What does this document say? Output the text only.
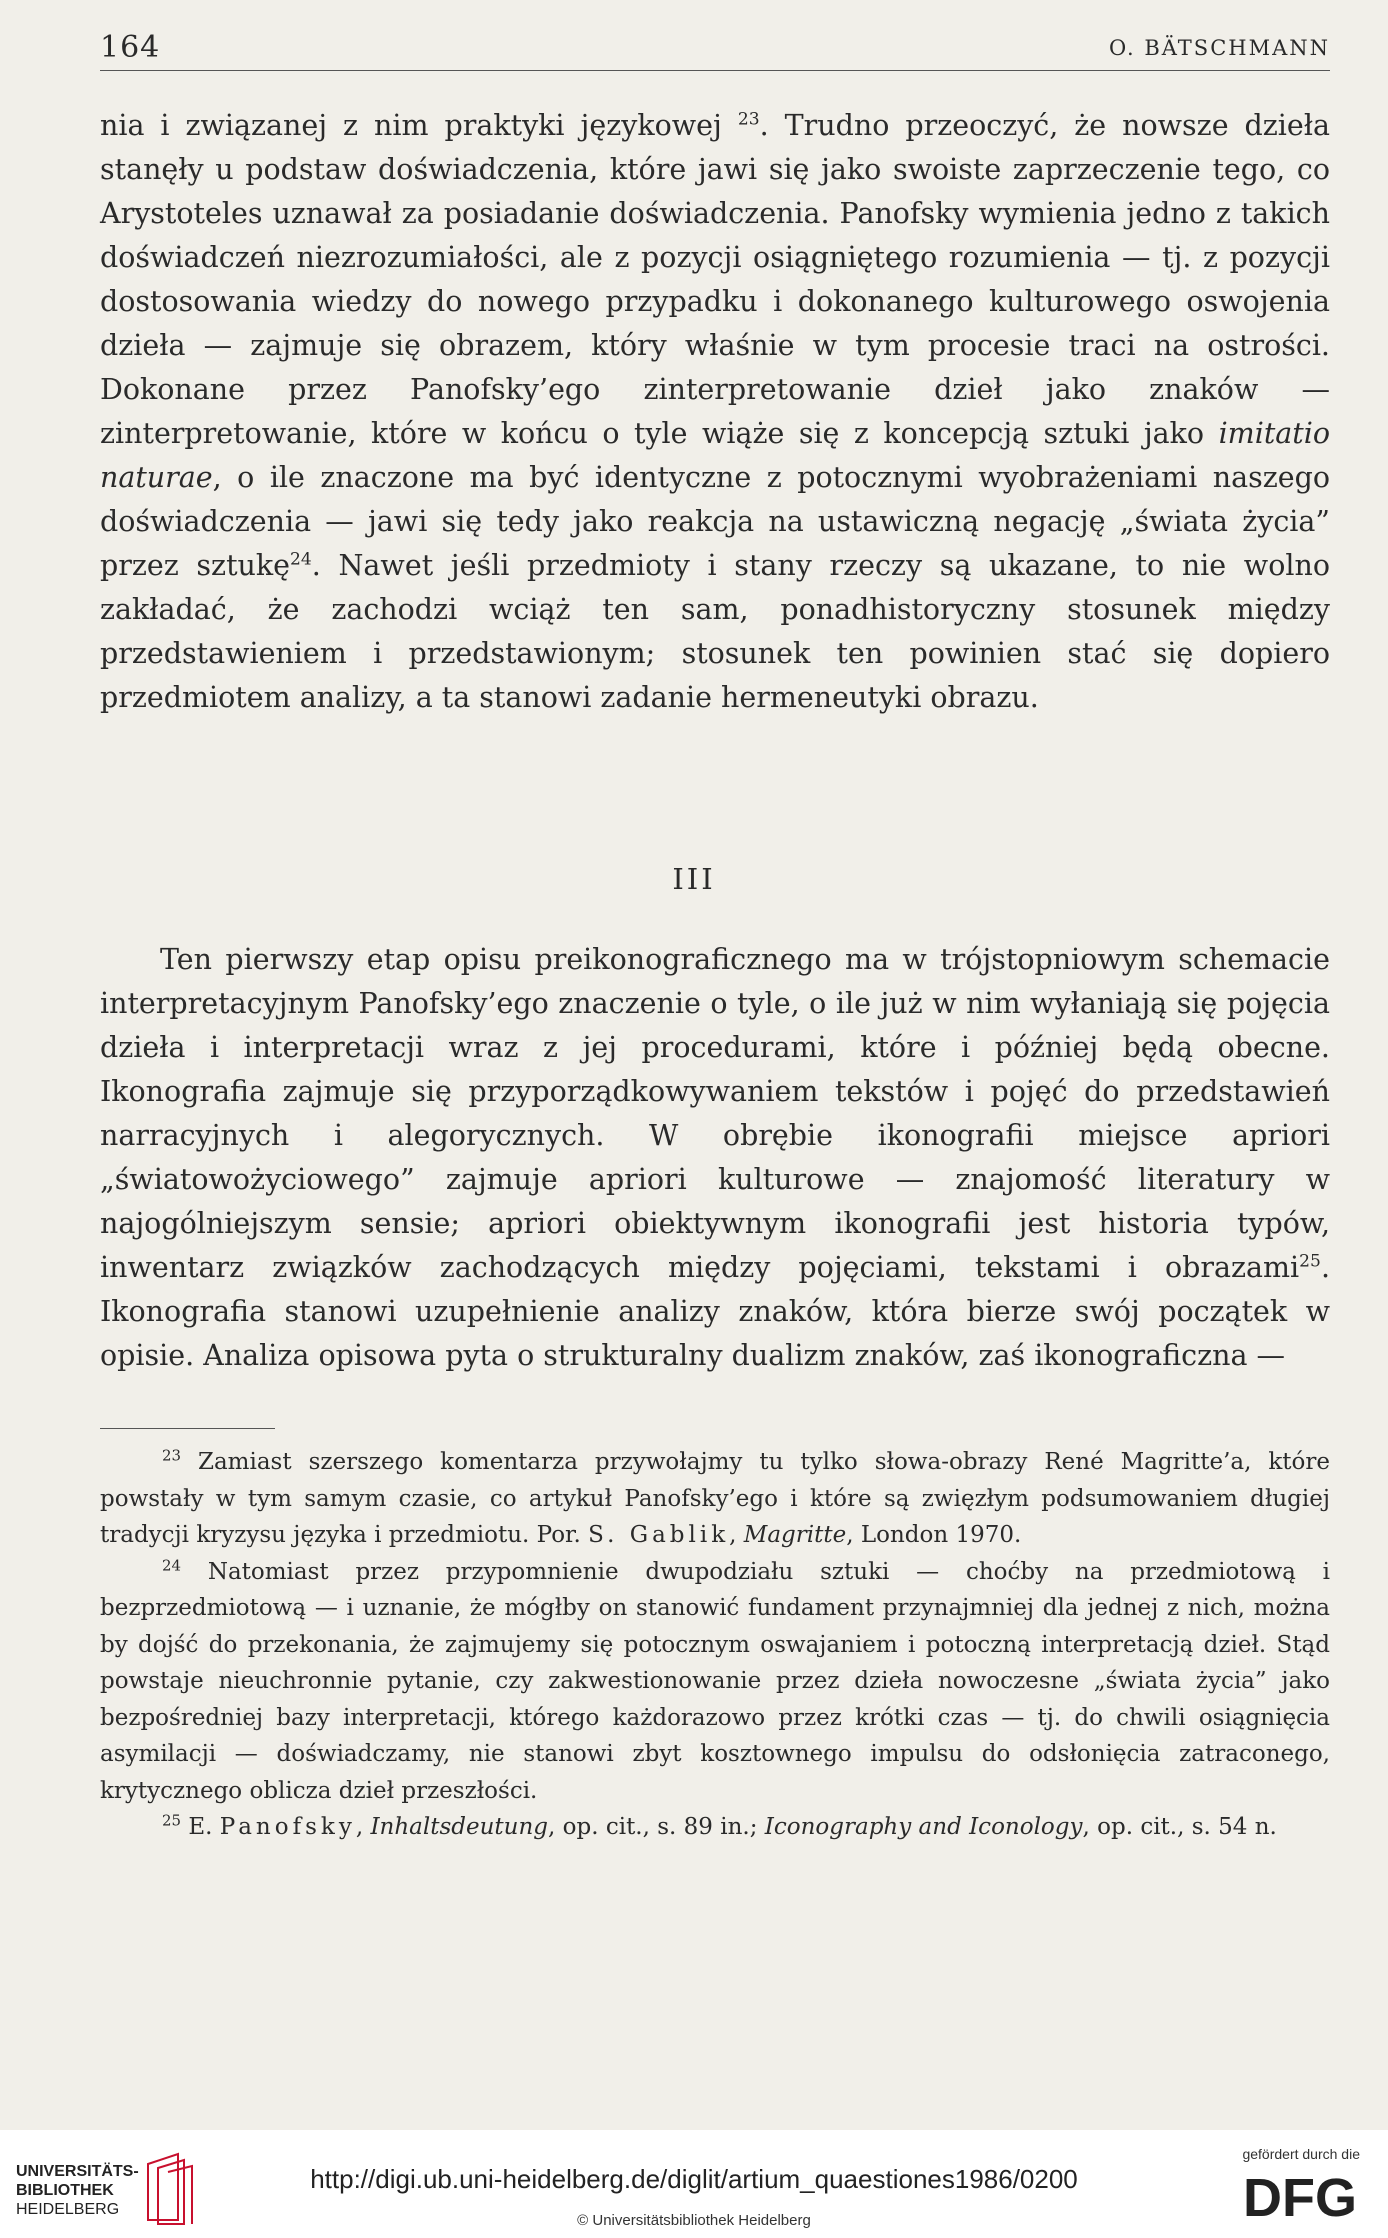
164	O. BÄTSCHMANN

nia i związanej z nim praktyki językowej $^{23}$. Trudno przeoczyć, że nowsze dzieła stanęły u podstaw doświadczenia, które jawi się jako swoiste zaprzeczenie tego, co Arystoteles uznawał za posiadanie doświadczenia. Panofsky wymienia jedno z takich doświadczeń niezrozumiałości, ale z pozycji osiągniętego rozumienia — tj. z pozycji dostosowania wiedzy do nowego przypadku i dokonanego kulturowego oswojenia dzieła — zajmuje się obrazem, który właśnie w tym procesie traci na ostrości. Dokonane przez Panofsky’ego zinterpretowanie dzieł jako znaków — zinterpretowanie, które w końcu o tyle wiąże się z koncepcją sztuki jako imitatio naturae, o ile znaczone ma być identyczne z potocznymi wyobrażeniami naszego doświadczenia — jawi się tedy jako reakcja na ustawiczną negację „świata życia” przez sztukę$^{24}$. Nawet jeśli przedmioty i stany rzeczy są ukazane, to nie wolno zakładać, że zachodzi wciąż ten sam, ponadhistoryczny stosunek między przedstawieniem i przedstawionym; stosunek ten powinien stać się dopiero przedmiotem analizy, a ta stanowi zadanie hermeneutyki obrazu.

III

Ten pierwszy etap opisu preikonograficznego ma w trójstopniowym schemacie interpretacyjnym Panofsky’ego znaczenie o tyle, o ile już w nim wyłaniają się pojęcia dzieła i interpretacji wraz z jej procedurami, które i później będą obecne. Ikonografia zajmuje się przyporządkowywaniem tekstów i pojęć do przedstawień narracyjnych i alegorycznych. W obrębie ikonografii miejsce apriori „światowożyciowego” zajmuje apriori kulturowe — znajomość literatury w najogólniejszym sensie; apriori obiektywnym ikonografii jest historia typów, inwentarz związków zachodzących między pojęciami, tekstami i obrazami$^{25}$. Ikonografia stanowi uzupełnienie analizy znaków, która bierze swój początek w opisie. Analiza opisowa pyta o strukturalny dualizm znaków, zaś ikonograficzna —

$^{23}$ Zamiast szerszego komentarza przywołajmy tu tylko słowa-obrazy René Magritte’a, które powstały w tym samym czasie, co artykuł Panofsky’ego i które są zwięzłym podsumowaniem długiej tradycji kryzysu języka i przedmiotu. Por. S. Gablik, Magritte, London 1970.

$^{24}$ Natomiast przez przypomnienie dwupodziału sztuki — choćby na przedmiotową i bezprzedmiotową — i uznanie, że mógłby on stanowić fundament przynajmniej dla jednej z nich, można by dojść do przekonania, że zajmujemy się potocznym oswajaniem i potoczną interpretacją dzieł. Stąd powstaje nieuchronnie pytanie, czy zakwestionowanie przez dzieła nowoczesne „świata życia” jako bezpośredniej bazy interpretacji, którego każdorazowo przez krótki czas — tj. do chwili osiągnięcia asymilacji — doświadczamy, nie stanowi zbyt kosztownego impulsu do odsłonięcia zatraconego, krytycznego oblicza dzieł przeszłości.

$^{25}$ E. Panofsky, Inhaltsdeutung, op. cit., s. 89 in.; Iconography and Iconology, op. cit., s. 54 n.

UNIVERSITÄTS-
BIBLIOTHEK
HEIDELBERG
http://digi.ub.uni-heidelberg.de/diglit/artium_quaestiones1986/0200
© Universitätsbibliothek Heidelberg
gefördert durch die
DFG
